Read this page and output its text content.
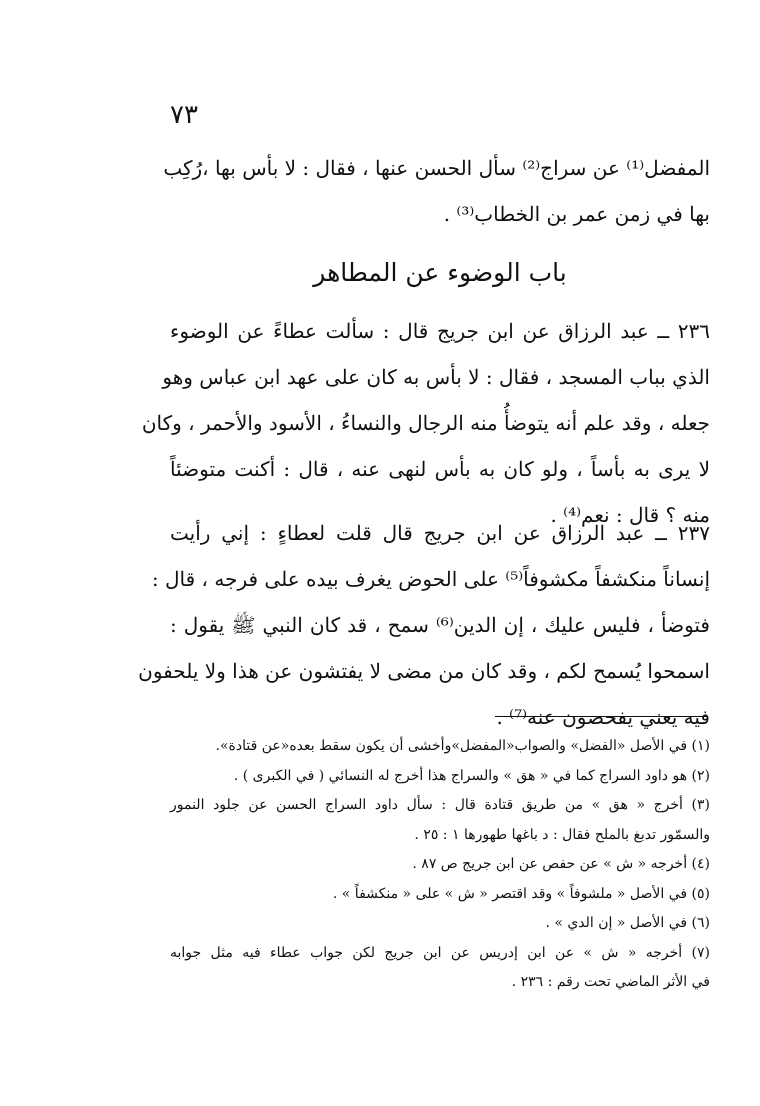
٧٣
المفضل⁽¹⁾ عن سراج⁽²⁾ سأل الحسن عنها ، فقال : لا بأس بها ،رُكِب
بها في زمن عمر بن الخطاب⁽³⁾ .
باب الوضوء عن المطاهر
٢٣٦ ــ عبد الرزاق عن ابن جريج قال : سألت عطاءً عن الوضوء
الذي بباب المسجد ، فقال : لا بأس به كان على عهد ابن عباس وهو
جعله ، وقد علم أنه يتوضأُ منه الرجال والنساءُ ، الأسود والأحمر ، وكان
لا يرى به بأساً ، ولو كان به بأس لنهى عنه ، قال : أكنت متوضئاً
منه ؟ قال : نعم⁽⁴⁾ .
٢٣٧ ــ عبد الرزاق عن ابن جريج قال قلت لعطاءٍ : إني رأيت
إنساناً منكشفاً مكشوفاً⁽⁵⁾ على الحوض يغرف بيده على فرجه ، قال :
فتوضأ ، فليس عليك ، إن الدين⁽⁶⁾ سمح ، قد كان النبي ﷺ يقول :
اسمحوا يُسمح لكم ، وقد كان من مضى لا يفتشون عن هذا ولا يلحفون
فيه يعني يفحصون عنه⁽⁷⁾ .
(١) في الأصل «الفضل» والصواب«المفضل»وأخشى أن يكون سقط بعده«عن قتادة».
(٢) هو داود السراج كما في « هق » والسراج هذا أخرج له النسائي ( في الكبرى ) .
(٣) أخرج « هق » من طريق قتادة قال : سأل داود السراج الحسن عن جلود النمور
والسمّور تدبغ بالملح فقال : د باغها طهورها ١ : ٢٥ .
(٤) أخرجه « ش » عن حفص عن ابن جريج ص ٨٧ .
(٥) في الأصل « ملشوفاً » وقد اقتصر « ش » على « منكشفاً » .
(٦) في الأصل « إن الدي » .
(٧) أخرجه « ش » عن ابن إدريس عن ابن جريج لكن جواب عطاء فيه مثل جوابه
في الأثر الماضي تحت رقم : ٢٣٦ .
